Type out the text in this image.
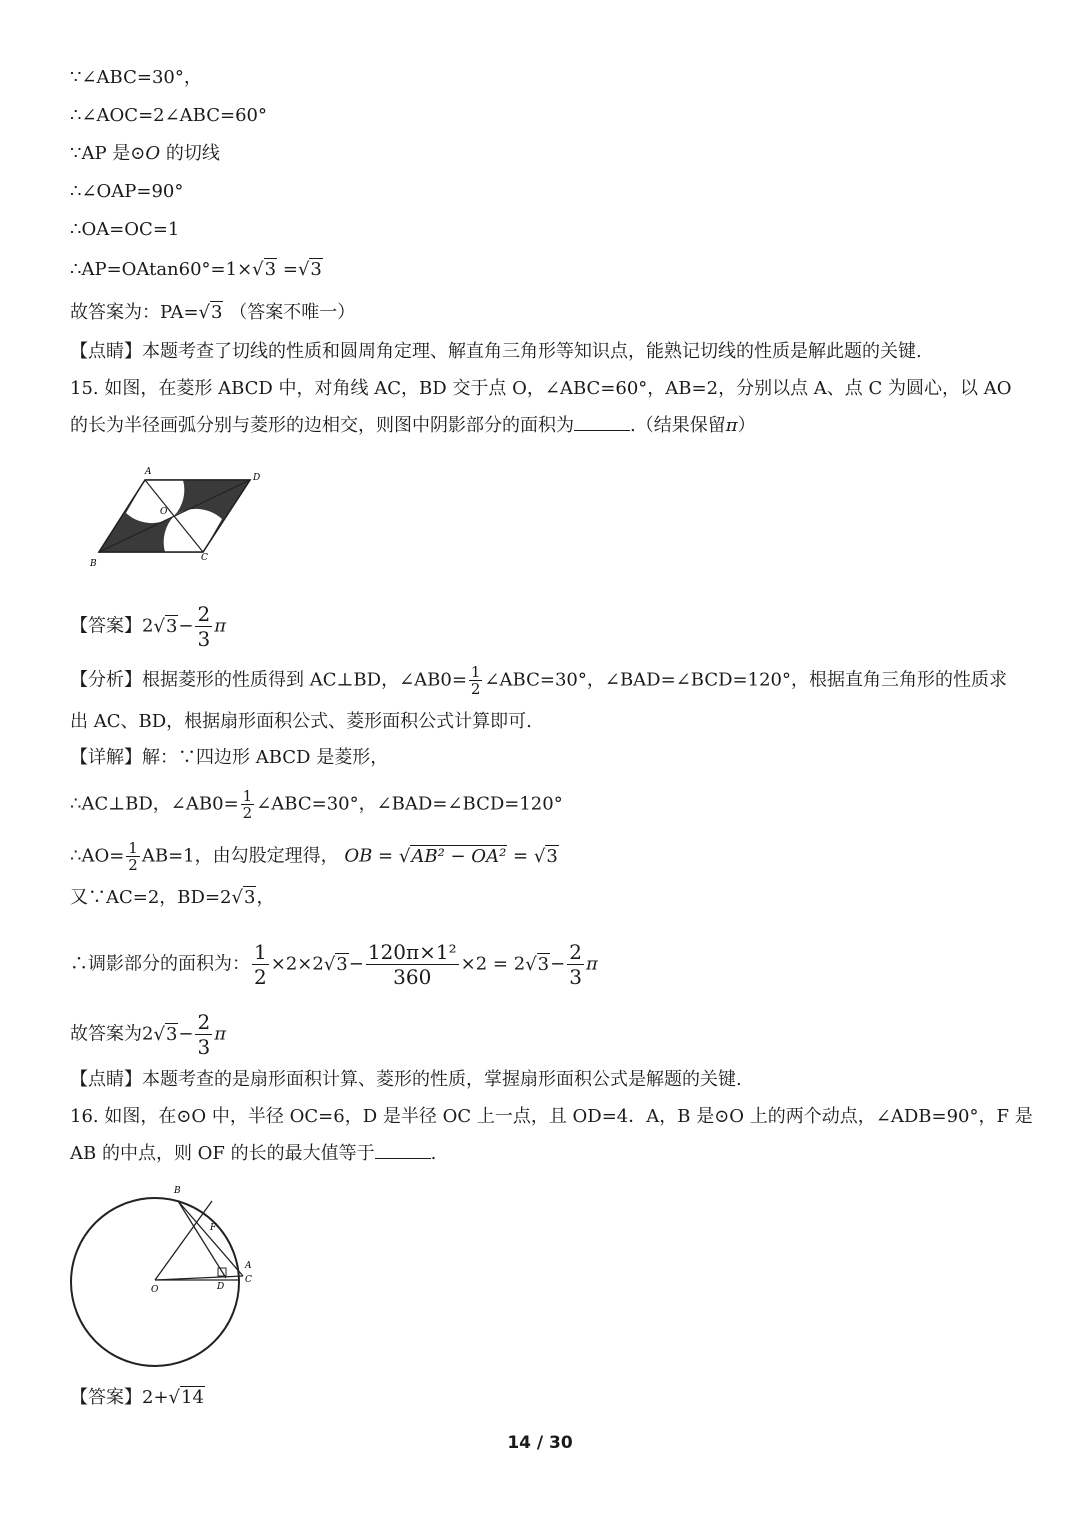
∵∠ABC=30°，
∴∠AOC=2∠ABC=60°
∵AP 是⊙O 的切线
∴∠OAP=90°
∴OA=OC=1
∴AP=OAtan60°=1×√3 =√3
故答案为：PA=√3 （答案不唯一）
【点睛】本题考查了切线的性质和圆周角定理、解直角三角形等知识点，能熟记切线的性质是解此题的关键.
15. 如图，在菱形 ABCD 中，对角线 AC，BD 交于点 O，∠ABC=60°，AB=2，分别以点 A、点 C 为圆心，以 AO
的长为半径画弧分别与菱形的边相交，则图中阴影部分的面积为	.（结果保留π）
A
D
B
C
O
【答案】$2√3- \frac{2}{3}$ π
【分析】根据菱形的性质得到 AC⊥BD，∠AB0= $\frac{1}{2}$ ∠ABC=30°，∠BAD=∠BCD=120°，根据直角三角形的性质求
出 AC、BD，根据扇形面积公式、菱形面积公式计算即可.
【详解】解：∵四边形 ABCD 是菱形，
∴AC⊥BD，∠AB0= $\frac{1}{2}$ ∠ABC=30°，∠BAD=∠BCD=120°
∴AO= $\frac{1}{2} AB=1$，由勾股定理得， OB = √AB² − OA² = √3
又∵AC=2，BD=2√3，
∴调影部分的面积为： $\frac{1}{2} \times 2\times 2√3- \frac{\text{120π×1²}}{360} \times 2 = 2√3- \frac{2}{3}$ π
故答案为$2√3- \frac{2}{3}$ π
【点睛】本题考查的是扇形面积计算、菱形的性质，掌握扇形面积公式是解题的关键.
16. 如图，在⊙O 中，半径 OC=6，D 是半径 OC 上一点，且 OD=4．A，B 是⊙O 上的两个动点，∠ADB=90°，F 是
AB 的中点，则 OF 的长的最大值等于	.
B
F
A
C
D
O
【答案】2+√14
14 / 30
